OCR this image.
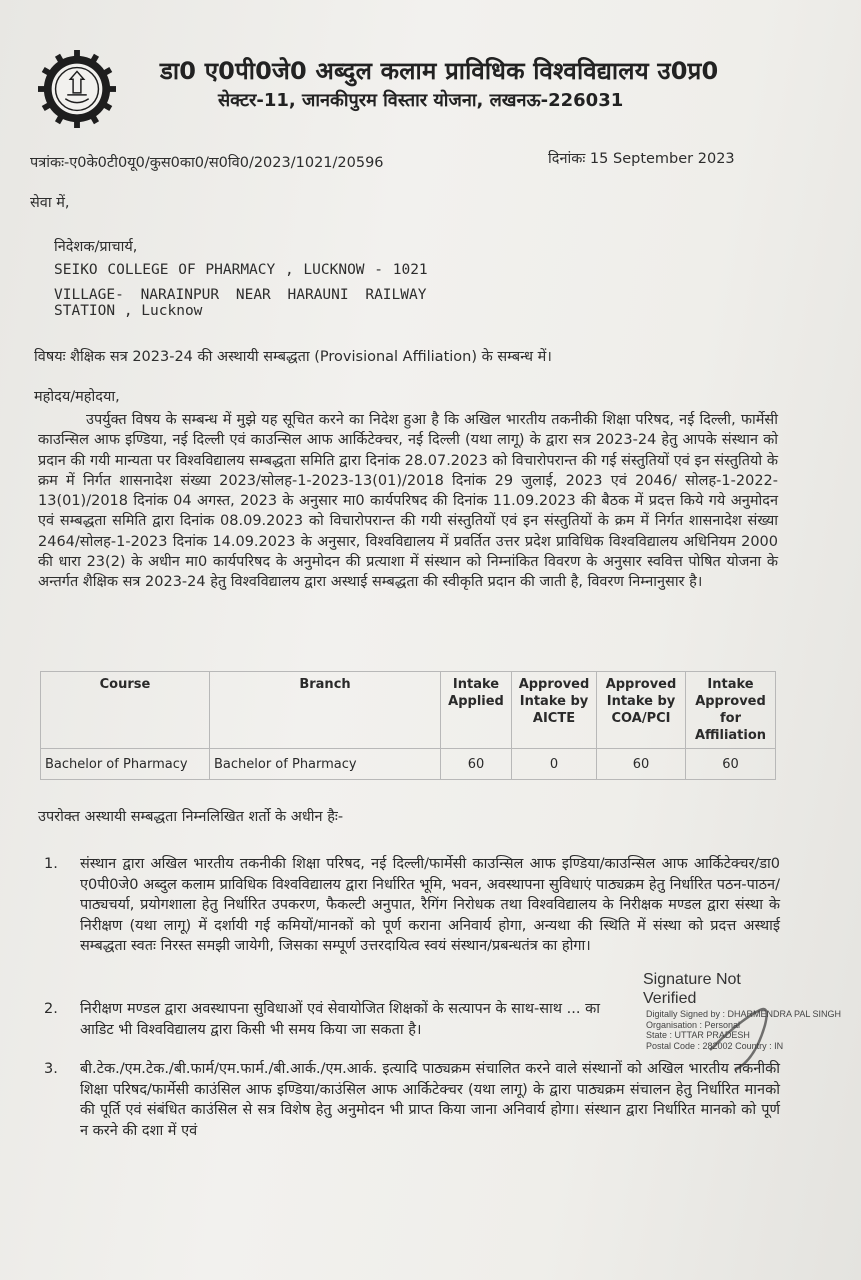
डा0 ए0पी0जे0 अब्दुल कलाम प्राविधिक विश्वविद्यालय उ0प्र0
सेक्टर-11, जानकीपुरम विस्तार योजना, लखनऊ-226031
पत्रांकः-ए0के0टी0यू0/कुस0का0/स0वि0/2023/1021/20596	दिनांकः 15 September 2023
सेवा में,
निदेशक/प्राचार्य,
SEIKO COLLEGE OF PHARMACY , LUCKNOW - 1021
VILLAGE- NARAINPUR NEAR HARAUNI RAILWAY
STATION , Lucknow
विषयः शैक्षिक सत्र 2023-24 की अस्थायी सम्बद्धता (Provisional Affiliation) के सम्बन्ध में।
महोदय/महोदया,
उपर्युक्त विषय के सम्बन्ध में मुझे यह सूचित करने का निदेश हुआ है कि अखिल भारतीय तकनीकी शिक्षा परिषद, नई दिल्ली, फार्मेसी काउन्सिल आफ इण्डिया, नई दिल्ली एवं काउन्सिल आफ आर्किटेक्चर, नई दिल्ली (यथा लागू) के द्वारा सत्र 2023-24 हेतु आपके संस्थान को प्रदान की गयी मान्यता पर विश्वविद्यालय सम्बद्धता समिति द्वारा दिनांक 28.07.2023 को विचारोपरान्त की गई संस्तुतियों एवं इन संस्तुतियो के क्रम में निर्गत शासनादेश संख्या 2023/सोलह-1-2023-13(01)/2018 दिनांक 29 जुलाई, 2023 एवं 2046/ सोलह-1-2022-13(01)/2018 दिनांक 04 अगस्त, 2023 के अनुसार मा0 कार्यपरिषद की दिनांक 11.09.2023 की बैठक में प्रदत्त किये गये अनुमोदन एवं सम्बद्धता समिति द्वारा दिनांक 08.09.2023 को विचारोपरान्त की गयी संस्तुतियों एवं इन संस्तुतियों के क्रम में निर्गत शासनादेश संख्या 2464/सोलह-1-2023 दिनांक 14.09.2023 के अनुसार, विश्वविद्यालय में प्रवर्तित उत्तर प्रदेश प्राविधिक विश्वविद्यालय अधिनियम 2000 की धारा 23(2) के अधीन मा0 कार्यपरिषद के अनुमोदन की प्रत्याशा में संस्थान को निम्नांकित विवरण के अनुसार स्ववित्त पोषित योजना के अन्तर्गत शैक्षिक सत्र 2023-24 हेतु विश्वविद्यालय द्वारा अस्थाई सम्बद्धता की स्वीकृति प्रदान की जाती है, विवरण निम्नानुसार है।
Course	Branch	Intake Applied	Approved Intake by AICTE	Approved Intake by COA/PCI	Intake Approved for Affiliation
Bachelor of Pharmacy	Bachelor of Pharmacy	60	0	60	60
उपरोक्त अस्थायी सम्बद्धता निम्नलिखित शर्तो के अधीन हैः-
1. संस्थान द्वारा अखिल भारतीय तकनीकी शिक्षा परिषद, नई दिल्ली/फार्मेसी काउन्सिल आफ इण्डिया/काउन्सिल आफ आर्किटेक्चर/डा0 ए0पी0जे0 अब्दुल कलाम प्राविधिक विश्वविद्यालय द्वारा निर्धारित भूमि, भवन, अवस्थापना सुविधाएं पाठ्यक्रम हेतु निर्धारित पठन-पाठन/पाठ्यचर्या, प्रयोगशाला हेतु निर्धारित उपकरण, फैकल्टी अनुपात, रैगिंग निरोधक तथा विश्वविद्यालय के निरीक्षक मण्डल द्वारा संस्था के निरीक्षण (यथा लागू) में दर्शायी गई कमियों/मानकों को पूर्ण कराना अनिवार्य होगा, अन्यथा की स्थिति में संस्था को प्रदत्त अस्थाई सम्बद्धता स्वतः निरस्त समझी जायेगी, जिसका सम्पूर्ण उत्तरदायित्व स्वयं संस्थान/प्रबन्धतंत्र का होगा।
2. निरीक्षण मण्डल द्वारा अवस्थापना सुविधाओं एवं सेवायोजित शिक्षकों के सत्यापन के साथ-साथ ... का आडिट भी विश्वविद्यालय द्वारा किसी भी समय किया जा सकता है।
3. बी.टेक./एम.टेक./बी.फार्म/एम.फार्म./बी.आर्क./एम.आर्क. इत्यादि पाठ्यक्रम संचालित करने वाले संस्थानों को अखिल भारतीय तकनीकी शिक्षा परिषद/फार्मेसी काउंसिल आफ इण्डिया/काउंसिल आफ आर्किटेक्चर (यथा लागू) के द्वारा पाठ्यक्रम संचालन हेतु निर्धारित मानको की पूर्ति एवं संबंधित काउंसिल से सत्र विशेष हेतु अनुमोदन भी प्राप्त किया जाना अनिवार्य होगा। संस्थान द्वारा निर्धारित मानको को पूर्ण न करने की दशा में एवं
Signature Not Verified
Digitally Signed by : DHARMENDRA PAL SINGH
Organisation : Personal
State : UTTAR PRADESH
Postal Code : 282002 Country : IN
